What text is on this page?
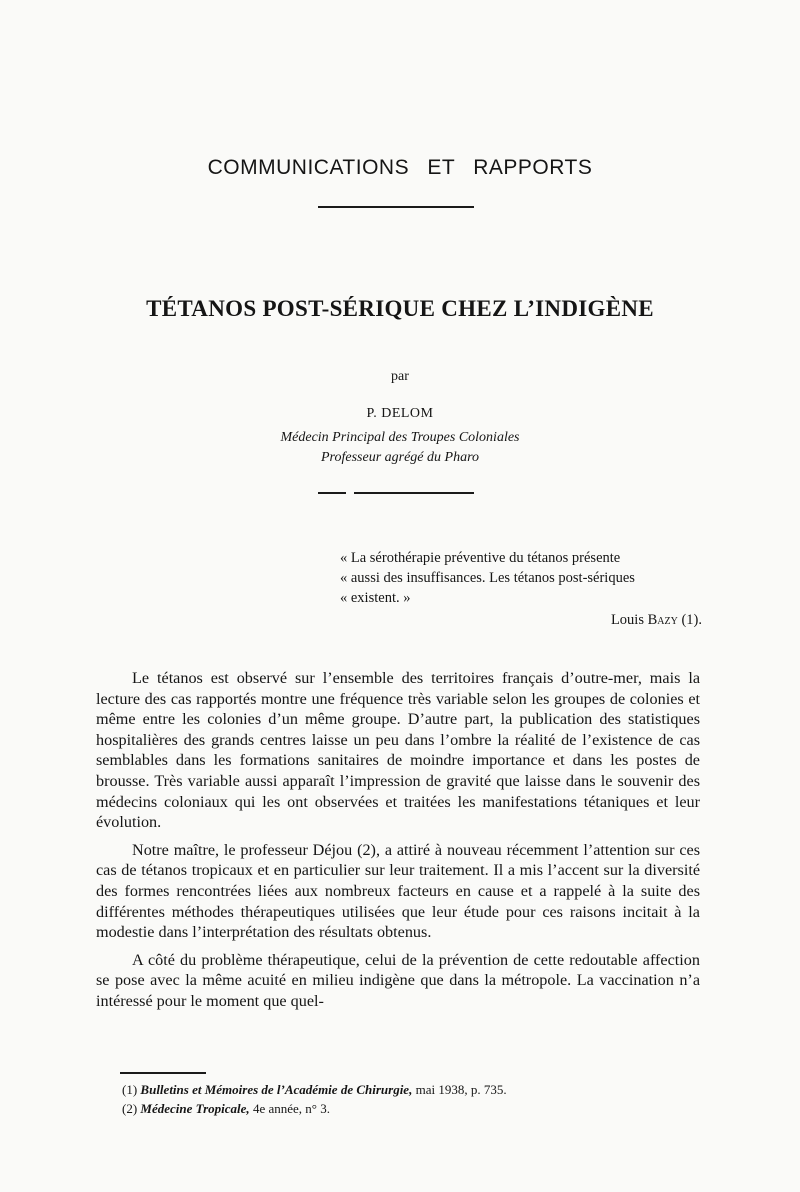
COMMUNICATIONS ET RAPPORTS
TÉTANOS POST-SÉRIQUE CHEZ L’INDIGÈNE
par
P. DELOM
Médecin Principal des Troupes Coloniales
Professeur agrégé du Pharo
« La sérothérapie préventive du tétanos présente
« aussi des insuffisances. Les tétanos post-sériques
« existent. »
Louis Bazy (1).

Le tétanos est observé sur l’ensemble des territoires français d’outre-mer, mais la lecture des cas rapportés montre une fréquence très variable selon les groupes de colonies et même entre les colonies d’un même groupe. D’autre part, la publication des statistiques hospitalières des grands centres laisse un peu dans l’ombre la réalité de l’existence de cas semblables dans les formations sanitaires de moindre importance et dans les postes de brousse. Très variable aussi apparaît l’impression de gravité que laisse dans le souvenir des médecins coloniaux qui les ont observées et traitées les manifestations tétaniques et leur évolution.

Notre maître, le professeur Déjou (2), a attiré à nouveau récemment l’attention sur ces cas de tétanos tropicaux et en particulier sur leur traitement. Il a mis l’accent sur la diversité des formes rencontrées liées aux nombreux facteurs en cause et a rappelé à la suite des différentes méthodes thérapeutiques utilisées que leur étude pour ces raisons incitait à la modestie dans l’interprétation des résultats obtenus.

A côté du problème thérapeutique, celui de la prévention de cette redoutable affection se pose avec la même acuité en milieu indigène que dans la métropole. La vaccination n’a intéressé pour le moment que quel-

(1) Bulletins et Mémoires de l’Académie de Chirurgie, mai 1938, p. 735.
(2) Médecine Tropicale, 4e année, n° 3.
